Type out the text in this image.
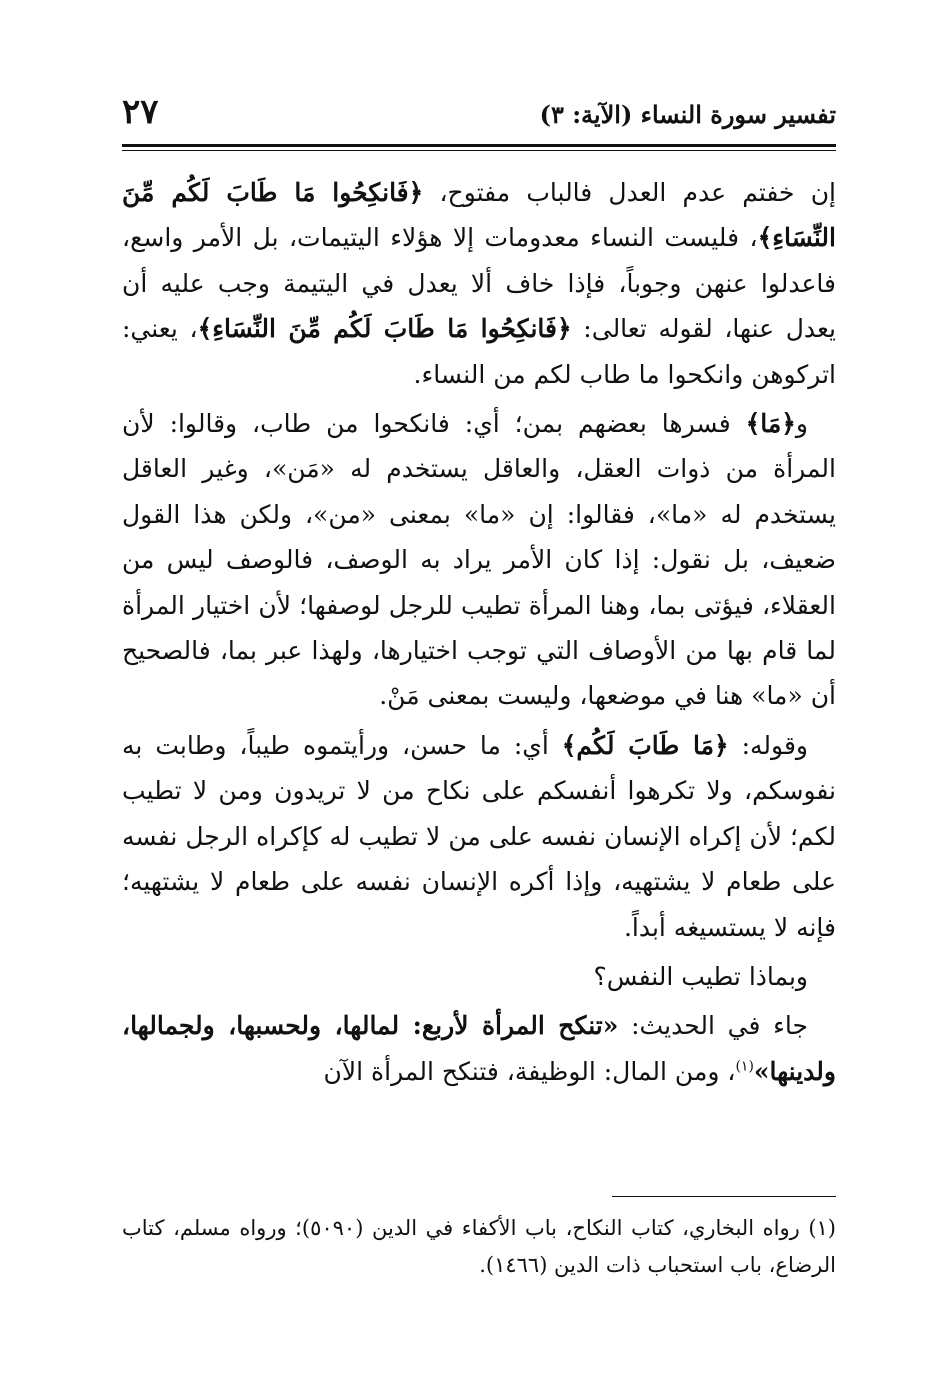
تفسير سورة النساء (الآية: ٣)
٢٧

إن خفتم عدم العدل فالباب مفتوح، ﴿فَانكِحُوا مَا طَابَ لَكُم مِّنَ النِّسَاءِ﴾، فليست النساء معدومات إلا هؤلاء اليتيمات، بل الأمر واسع، فاعدلوا عنهن وجوباً، فإذا خاف ألا يعدل في اليتيمة وجب عليه أن يعدل عنها، لقوله تعالى: ﴿فَانكِحُوا مَا طَابَ لَكُم مِّنَ النِّسَاءِ﴾، يعني: اتركوهن وانكحوا ما طاب لكم من النساء.

و﴿مَا﴾ فسرها بعضهم بمن؛ أي: فانكحوا من طاب، وقالوا: لأن المرأة من ذوات العقل، والعاقل يستخدم له «مَن»، وغير العاقل يستخدم له «ما»، فقالوا: إن «ما» بمعنى «من»، ولكن هذا القول ضعيف، بل نقول: إذا كان الأمر يراد به الوصف، فالوصف ليس من العقلاء، فيؤتى بما، وهنا المرأة تطيب للرجل لوصفها؛ لأن اختيار المرأة لما قام بها من الأوصاف التي توجب اختيارها، ولهذا عبر بما، فالصحيح أن «ما» هنا في موضعها، وليست بمعنى مَنْ.

وقوله: ﴿مَا طَابَ لَكُم﴾ أي: ما حسن، ورأيتموه طيباً، وطابت به نفوسكم، ولا تكرهوا أنفسكم على نكاح من لا تريدون ومن لا تطيب لكم؛ لأن إكراه الإنسان نفسه على من لا تطيب له كإكراه الرجل نفسه على طعام لا يشتهيه، وإذا أكره الإنسان نفسه على طعام لا يشتهيه؛ فإنه لا يستسيغه أبداً.

وبماذا تطيب النفس؟

جاء في الحديث: «تنكح المرأة لأربع: لمالها، ولحسبها، ولجمالها، ولدينها»$^{(١)}$، ومن المال: الوظيفة، فتنكح المرأة الآن

(١) رواه البخاري، كتاب النكاح، باب الأكفاء في الدين (٥٠٩٠)؛ ورواه مسلم، كتاب الرضاع، باب استحباب ذات الدين (١٤٦٦).
